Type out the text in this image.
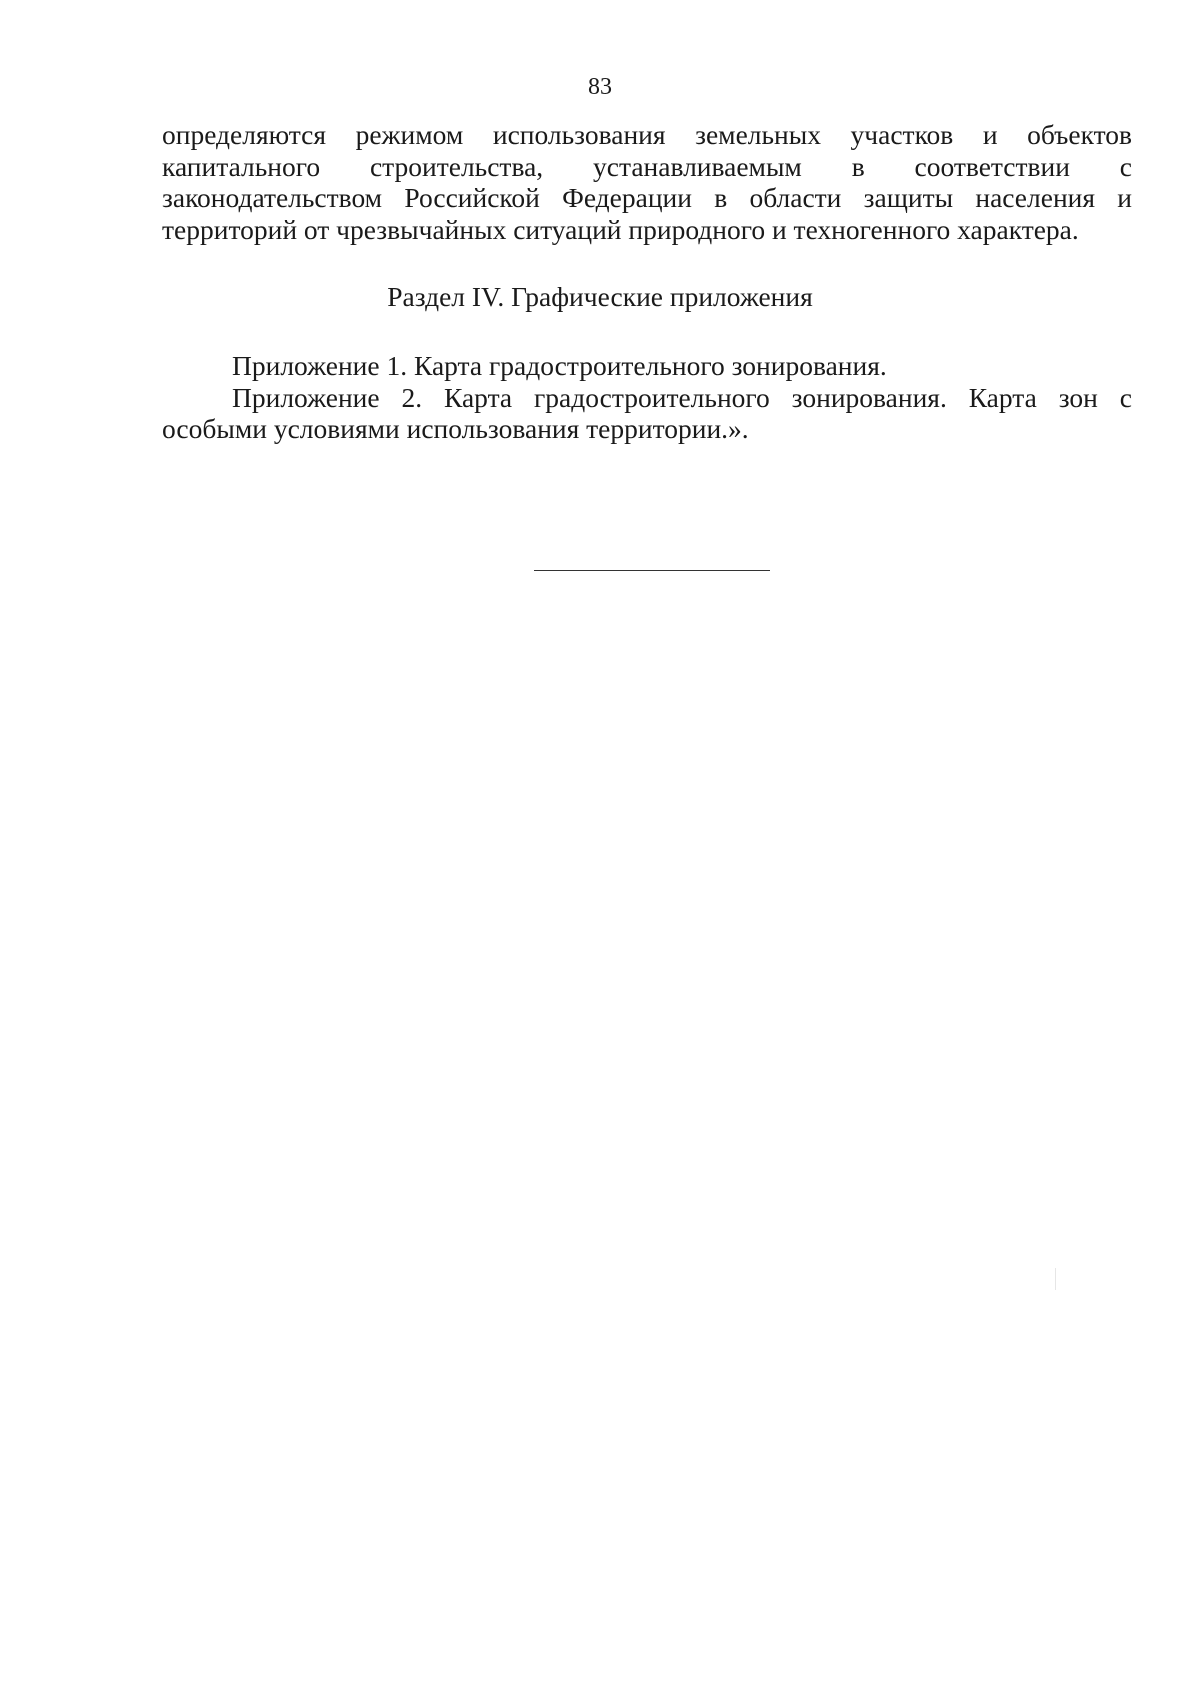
83

определяются режимом использования земельных участков и объектов
капитального строительства, устанавливаемым в соответствии с
законодательством Российской Федерации в области защиты населения и
территорий от чрезвычайных ситуаций природного и техногенного характера.

Раздел IV. Графические приложения

Приложение 1. Карта градостроительного зонирования.

Приложение 2. Карта градостроительного зонирования. Карта зон с
особыми условиями использования территории.».
